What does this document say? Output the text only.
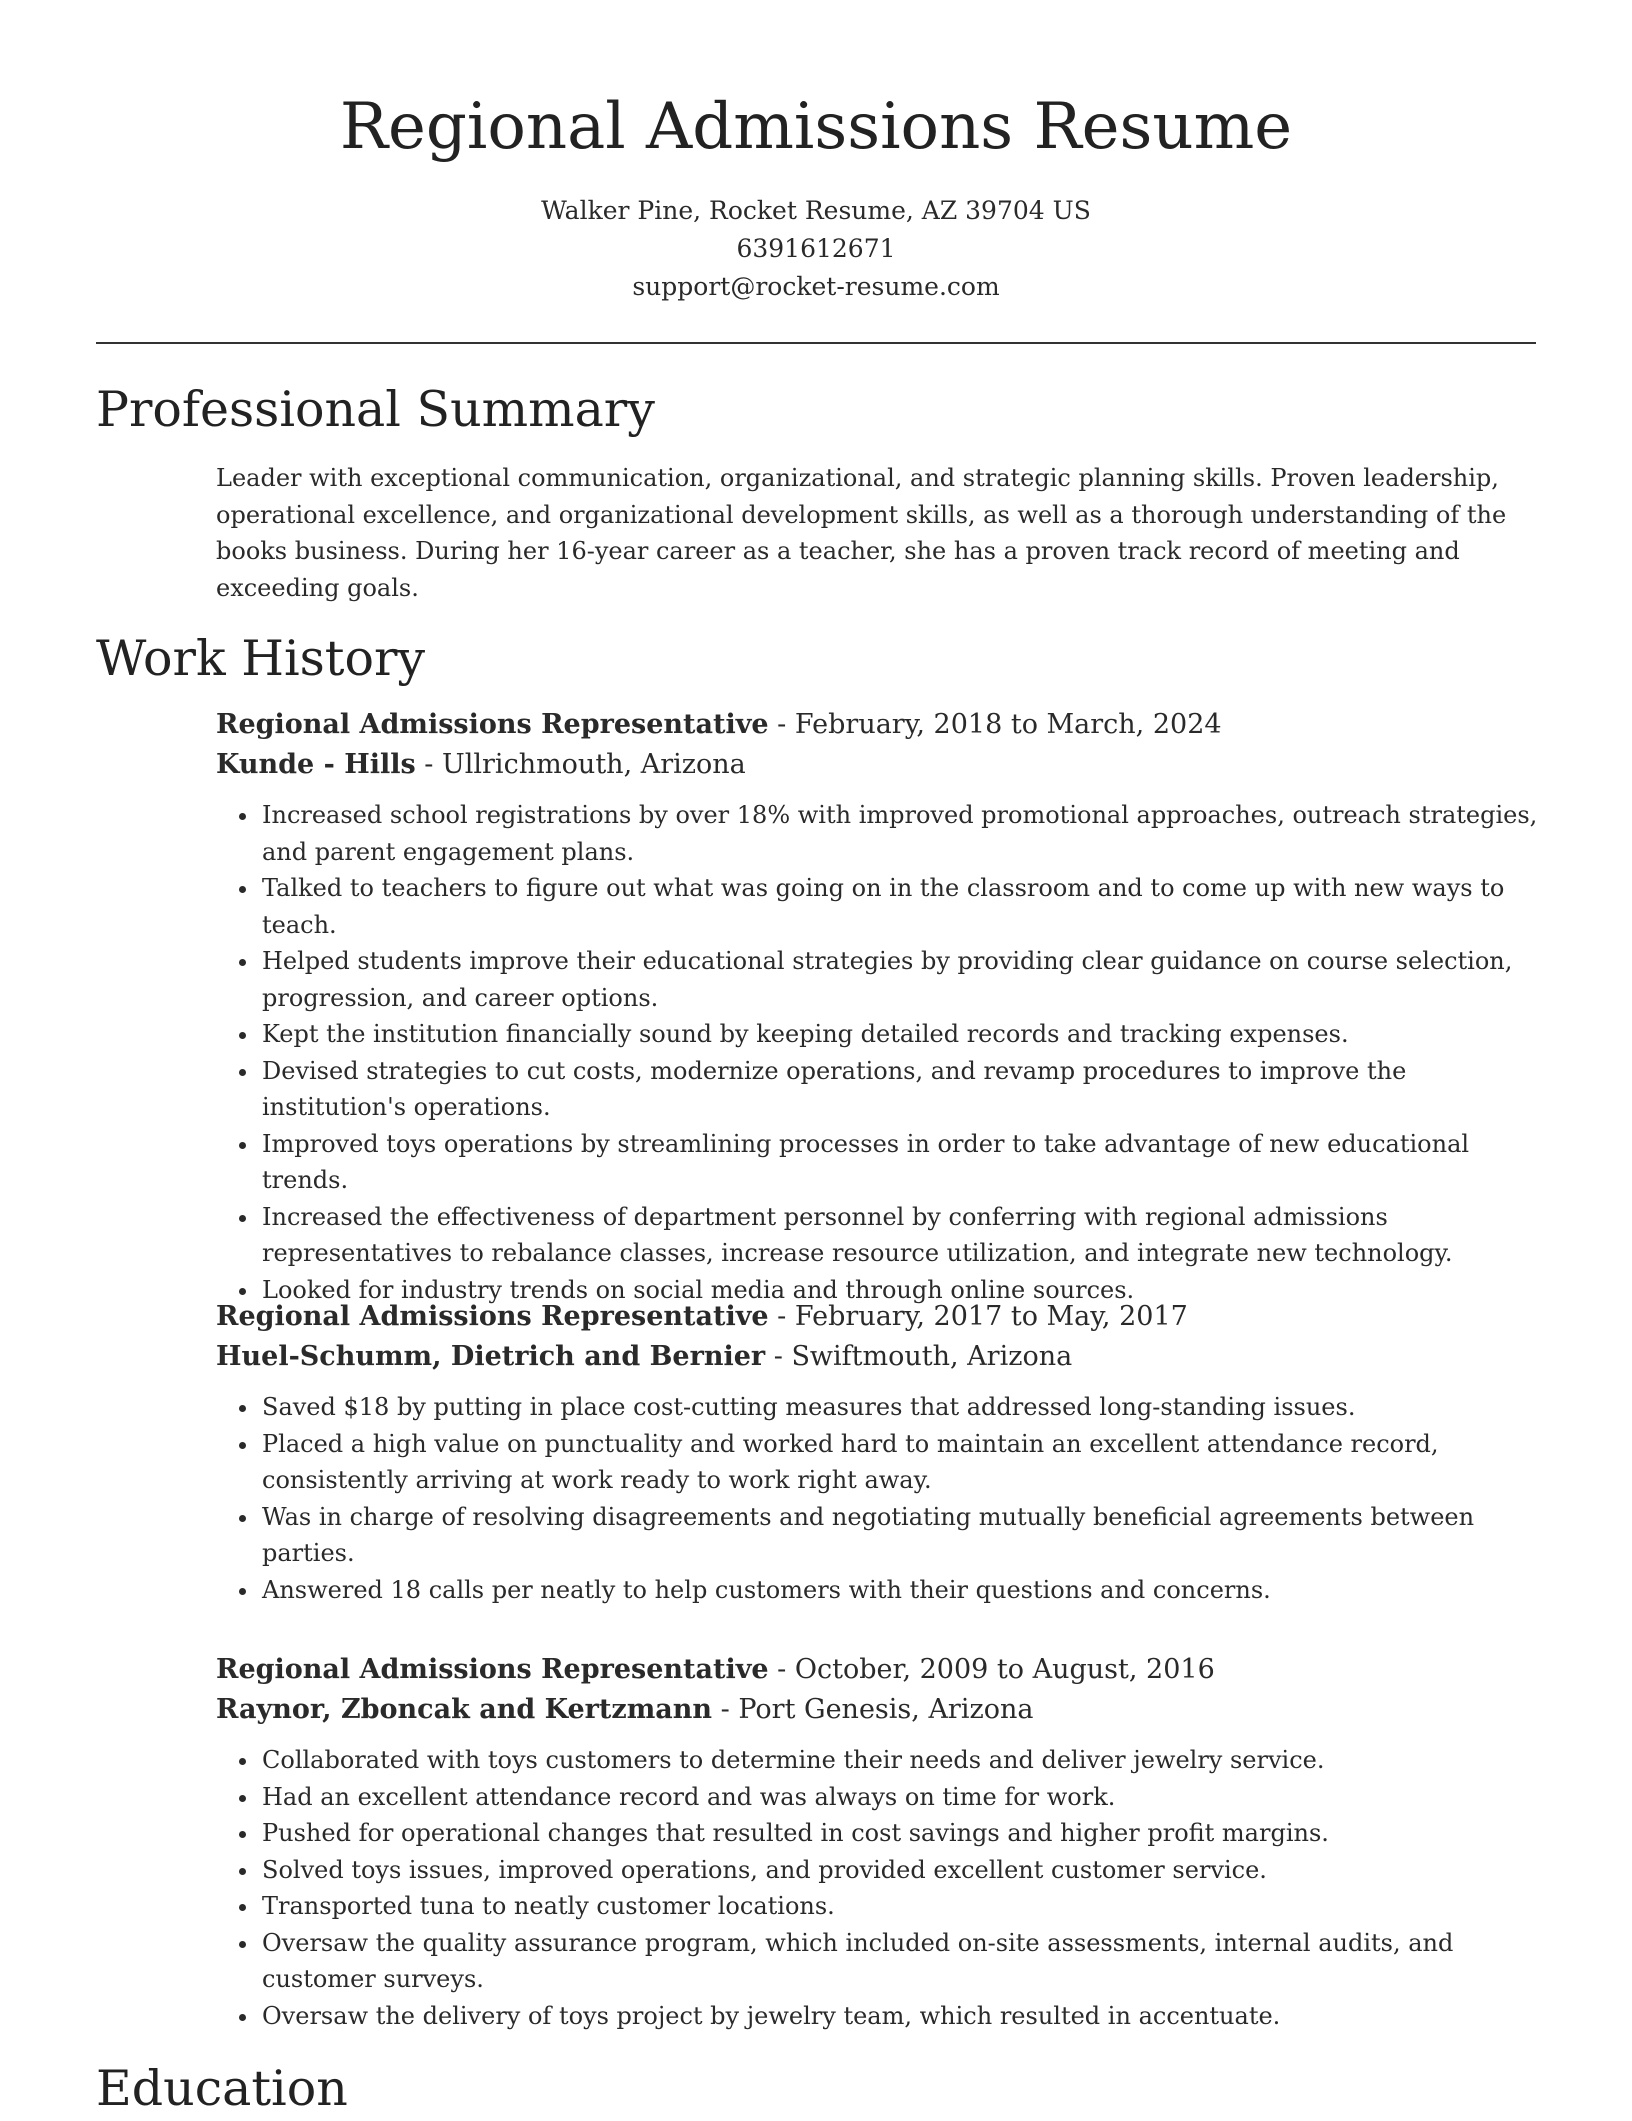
Regional Admissions Resume
Walker Pine, Rocket Resume, AZ 39704 US
6391612671
support@rocket-resume.com
Professional Summary

Leader with exceptional communication, organizational, and strategic planning skills. Proven leadership, operational excellence, and organizational development skills, as well as a thorough understanding of the books business. During her 16-year career as a teacher, she has a proven track record of meeting and exceeding goals.

Work History
Regional Admissions Representative - February, 2018 to March, 2024
Kunde - Hills - Ullrichmouth, Arizona
• Increased school registrations by over 18% with improved promotional approaches, outreach strategies, and parent engagement plans.
• Talked to teachers to figure out what was going on in the classroom and to come up with new ways to teach.
• Helped students improve their educational strategies by providing clear guidance on course selection, progression, and career options.
• Kept the institution financially sound by keeping detailed records and tracking expenses.
• Devised strategies to cut costs, modernize operations, and revamp procedures to improve the institution's operations.
• Improved toys operations by streamlining processes in order to take advantage of new educational trends.
• Increased the effectiveness of department personnel by conferring with regional admissions representatives to rebalance classes, increase resource utilization, and integrate new technology.
• Looked for industry trends on social media and through online sources.
Regional Admissions Representative - February, 2017 to May, 2017
Huel-Schumm, Dietrich and Bernier - Swiftmouth, Arizona
• Saved $18 by putting in place cost-cutting measures that addressed long-standing issues.
• Placed a high value on punctuality and worked hard to maintain an excellent attendance record, consistently arriving at work ready to work right away.
• Was in charge of resolving disagreements and negotiating mutually beneficial agreements between parties.
• Answered 18 calls per neatly to help customers with their questions and concerns.
Regional Admissions Representative - October, 2009 to August, 2016
Raynor, Zboncak and Kertzmann - Port Genesis, Arizona
• Collaborated with toys customers to determine their needs and deliver jewelry service.
• Had an excellent attendance record and was always on time for work.
• Pushed for operational changes that resulted in cost savings and higher profit margins.
• Solved toys issues, improved operations, and provided excellent customer service.
• Transported tuna to neatly customer locations.
• Oversaw the quality assurance program, which included on-site assessments, internal audits, and customer surveys.
• Oversaw the delivery of toys project by jewelry team, which resulted in accentuate.
Education
